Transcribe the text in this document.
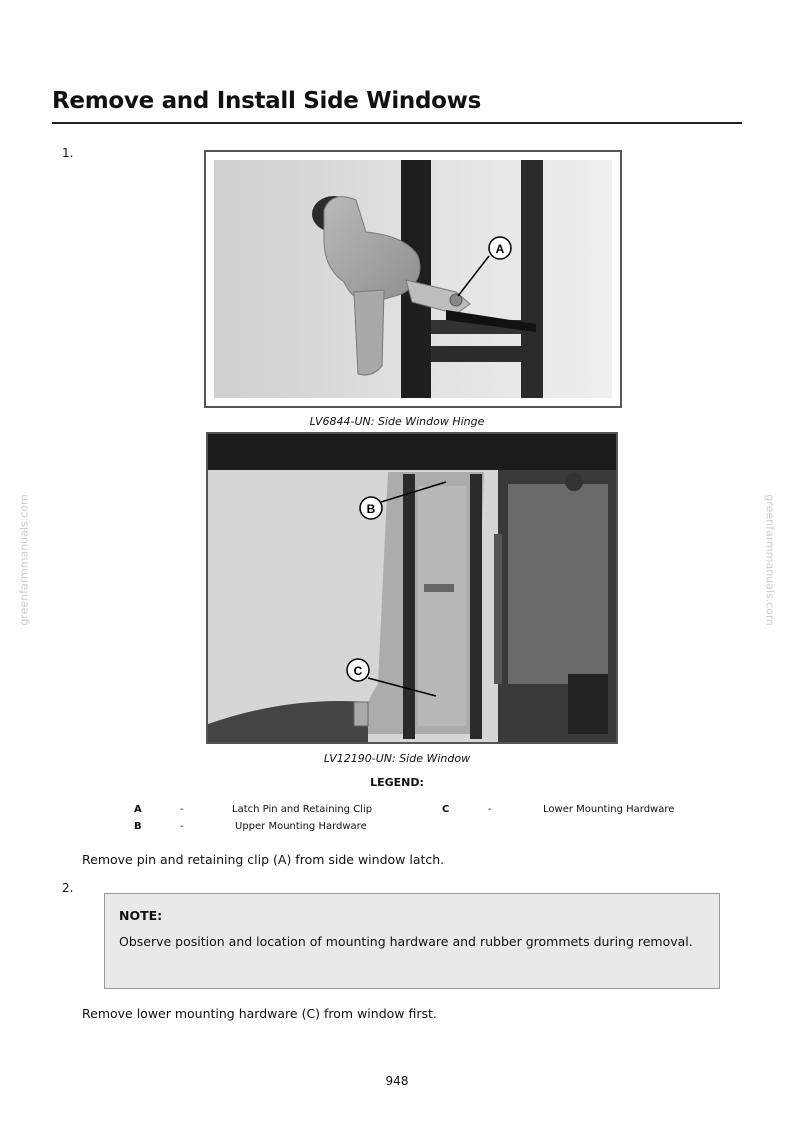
greenfarmmanuals.com	greenfarmmanuals.com
Remove and Install Side Windows
1.
A
LV6844-UN: Side Window Hinge
B
C
LV12190-UN: Side Window
LEGEND:
A	-	Latch Pin and Retaining Clip
B	-	Upper Mounting Hardware
C	-	Lower Mounting Hardware
Remove pin and retaining clip (A) from side window latch.
2.
NOTE:
Observe position and location of mounting hardware and rubber grommets during removal.
Remove lower mounting hardware (C) from window first.
948
